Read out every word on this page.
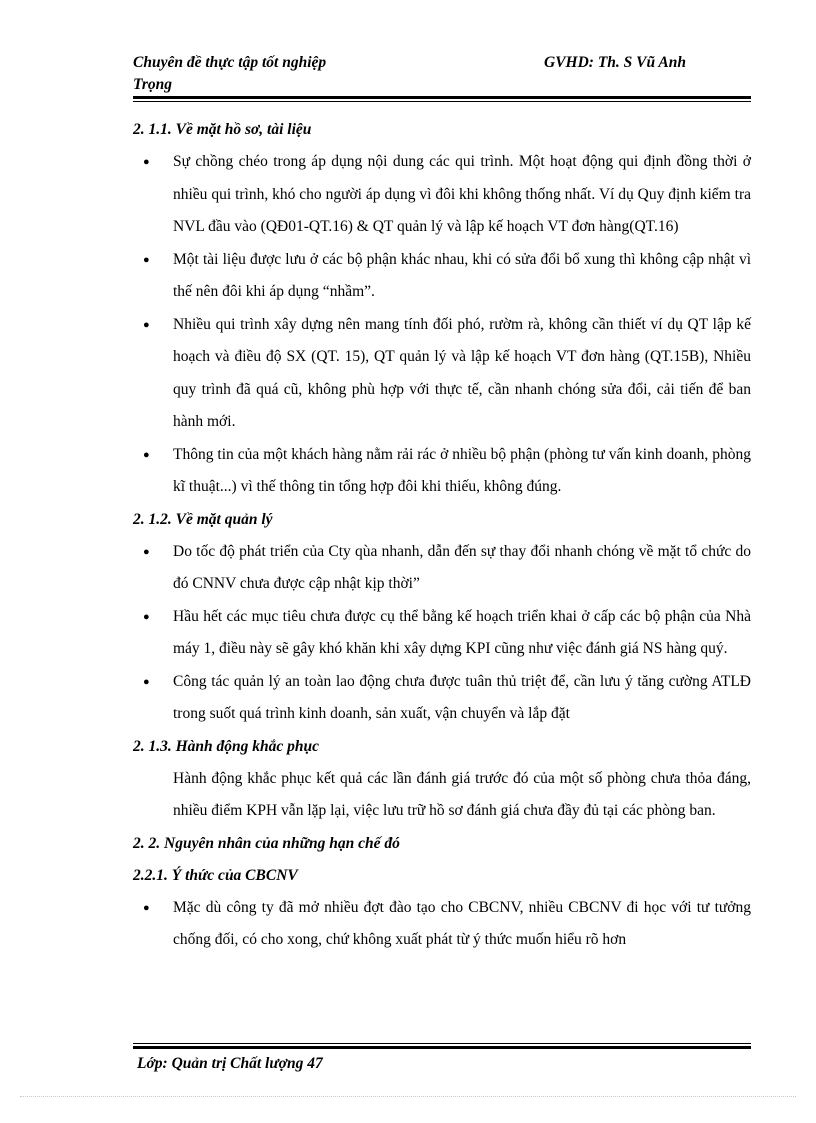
Chuyên đề thực tập tốt nghiệp
Trọng
GVHD: Th. S Vũ Anh
2. 1.1. Về mặt hồ sơ, tài liệu
● Sự chồng chéo trong áp dụng nội dung các qui trình. Một hoạt động qui định đồng thời ở nhiều qui trình, khó cho người áp dụng vì đôi khi không thống nhất. Ví dụ Quy định kiểm tra NVL đầu vào (QĐ01-QT.16) & QT quản lý và lập kế hoạch VT đơn hàng(QT.16)
● Một tài liệu được lưu ở các bộ phận khác nhau, khi có sửa đổi bổ xung thì không cập nhật vì thế nên đôi khi áp dụng “nhầm”.
● Nhiều qui trình xây dựng nên mang tính đối phó, rườm rà, không cần thiết ví dụ QT lập kế hoạch và điều độ SX (QT. 15), QT quản lý và lập kế hoạch VT đơn hàng (QT.15B), Nhiều quy trình đã quá cũ, không phù hợp với thực tế, cần nhanh chóng sửa đổi, cải tiến để ban hành mới.
● Thông tin của một khách hàng nằm rải rác ở nhiều bộ phận (phòng tư vấn kinh doanh, phòng kĩ thuật...) vì thế thông tin tổng hợp đôi khi thiếu, không đúng.
2. 1.2. Về mặt quản lý
● Do tốc độ phát triển của Cty qùa nhanh, dẫn đến sự thay đổi nhanh chóng về mặt tổ chức do đó CNNV chưa được cập nhật kịp thời”
● Hầu hết các mục tiêu chưa được cụ thể bằng kế hoạch triển khai ở cấp các bộ phận của Nhà máy 1, điều này sẽ gây khó khăn khi xây dựng KPI cũng như việc đánh giá NS hàng quý.
● Công tác quản lý an toàn lao động chưa được tuân thủ triệt để, cần lưu ý tăng cường ATLĐ trong suốt quá trình kinh doanh, sản xuất, vận chuyển và lắp đặt
2. 1.3. Hành động khắc phục
Hành động khắc phục kết quả các lần đánh giá trước đó của một số phòng chưa thỏa đáng, nhiều điểm KPH vẫn lặp lại, việc lưu trữ hồ sơ đánh giá chưa đầy đủ tại các phòng ban.
2. 2. Nguyên nhân của những hạn chế đó
2.2.1. Ý thức của CBCNV
● Mặc dù công ty đã mở nhiều đợt đào tạo cho CBCNV, nhiều CBCNV đi học với tư tưởng chống đối, có cho xong, chứ không xuất phát từ ý thức muốn hiểu rõ hơn
Lớp: Quản trị Chất lượng 47
